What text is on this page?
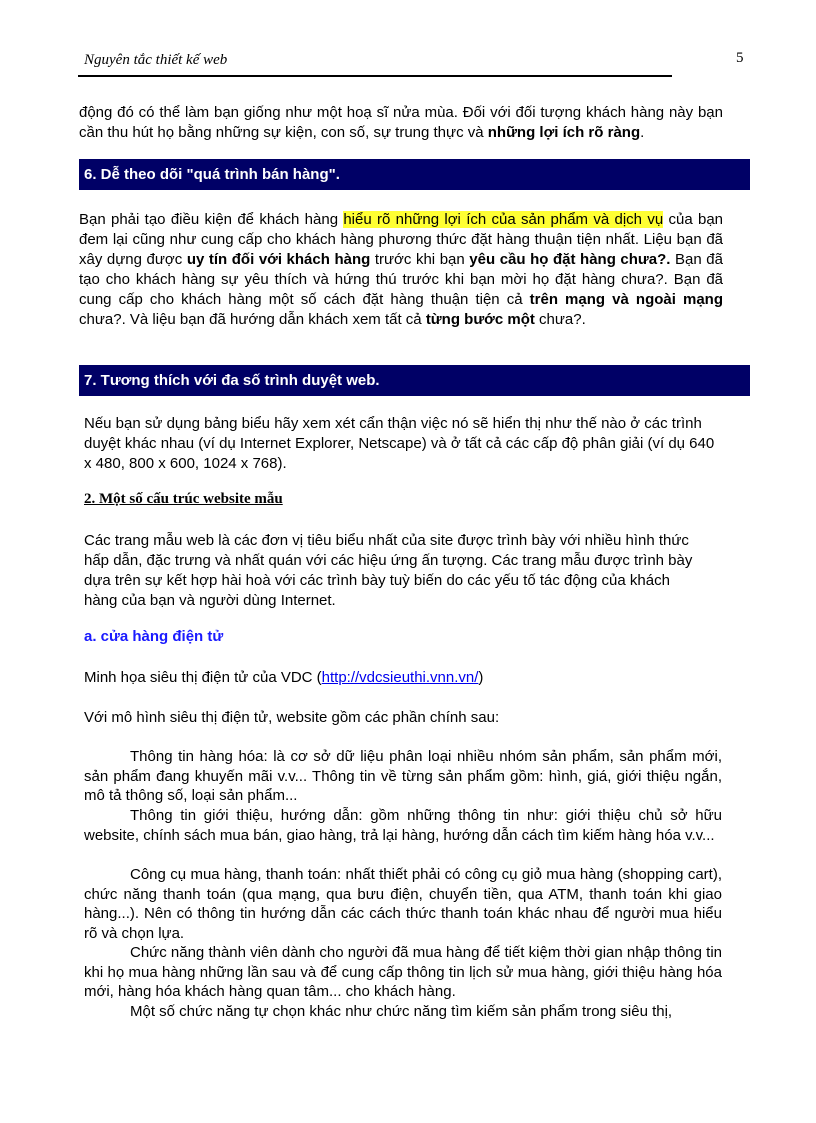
Nguyên tắc thiết kế web	5

động đó có thể làm bạn giống như một hoạ sĩ nửa mùa. Đối với đối tượng khách hàng này bạn cần thu hút họ bằng những sự kiện, con số, sự trung thực và những lợi ích rõ ràng.

6. Dễ theo dõi "quá trình bán hàng".

Bạn phải tạo điều kiện để khách hàng hiểu rõ những lợi ích của sản phẩm và dịch vụ của bạn đem lại cũng như cung cấp cho khách hàng phương thức đặt hàng thuận tiện nhất. Liệu bạn đã xây dựng được uy tín đối với khách hàng trước khi bạn yêu cầu họ đặt hàng chưa?. Bạn đã tạo cho khách hàng sự yêu thích và hứng thú trước khi bạn mời họ đặt hàng chưa?. Bạn đã cung cấp cho khách hàng một số cách đặt hàng thuận tiện cả trên mạng và ngoài mạng chưa?. Và liệu bạn đã hướng dẫn khách xem tất cả từng bước một chưa?.

7. Tương thích với đa số trình duyệt web.

Nếu bạn sử dụng bảng biểu hãy xem xét cẩn thận việc nó sẽ hiển thị như thế nào ở các trình duyệt khác nhau (ví dụ Internet Explorer, Netscape) và ở tất cả các cấp độ phân giải (ví dụ 640 x 480, 800 x 600, 1024 x 768).

2. Một số cấu trúc website mẫu

Các trang mẫu web là các đơn vị tiêu biểu nhất của site được trình bày với nhiều hình thức hấp dẫn, đặc trưng và nhất quán với các hiệu ứng ấn tượng. Các trang mẫu được trình bày dựa trên sự kết hợp hài hoà với các trình bày tuỳ biến do các yếu tố tác động của khách hàng của bạn và người dùng Internet.

a. cửa hàng điện tử

Minh họa siêu thị điện tử của VDC (http://vdcsieuthi.vnn.vn/)

Với mô hình siêu thị điện tử, website gồm các phần chính sau:

Thông tin hàng hóa: là cơ sở dữ liệu phân loại nhiều nhóm sản phẩm, sản phẩm mới, sản phẩm đang khuyến mãi v.v... Thông tin về từng sản phẩm gồm: hình, giá, giới thiệu ngắn, mô tả thông số, loại sản phẩm...

Thông tin giới thiệu, hướng dẫn: gồm những thông tin như: giới thiệu chủ sở hữu website, chính sách mua bán, giao hàng, trả lại hàng, hướng dẫn cách tìm kiếm hàng hóa v.v...

Công cụ mua hàng, thanh toán: nhất thiết phải có công cụ giỏ mua hàng (shopping cart), chức năng thanh toán (qua mạng, qua bưu điện, chuyển tiền, qua ATM, thanh toán khi giao hàng...). Nên có thông tin hướng dẫn các cách thức thanh toán khác nhau để người mua hiểu rõ và chọn lựa.

Chức năng thành viên dành cho người đã mua hàng để tiết kiệm thời gian nhập thông tin khi họ mua hàng những lần sau và để cung cấp thông tin lịch sử mua hàng, giới thiệu hàng hóa mới, hàng hóa khách hàng quan tâm... cho khách hàng.

Một số chức năng tự chọn khác như chức năng tìm kiếm sản phẩm trong siêu thị,
